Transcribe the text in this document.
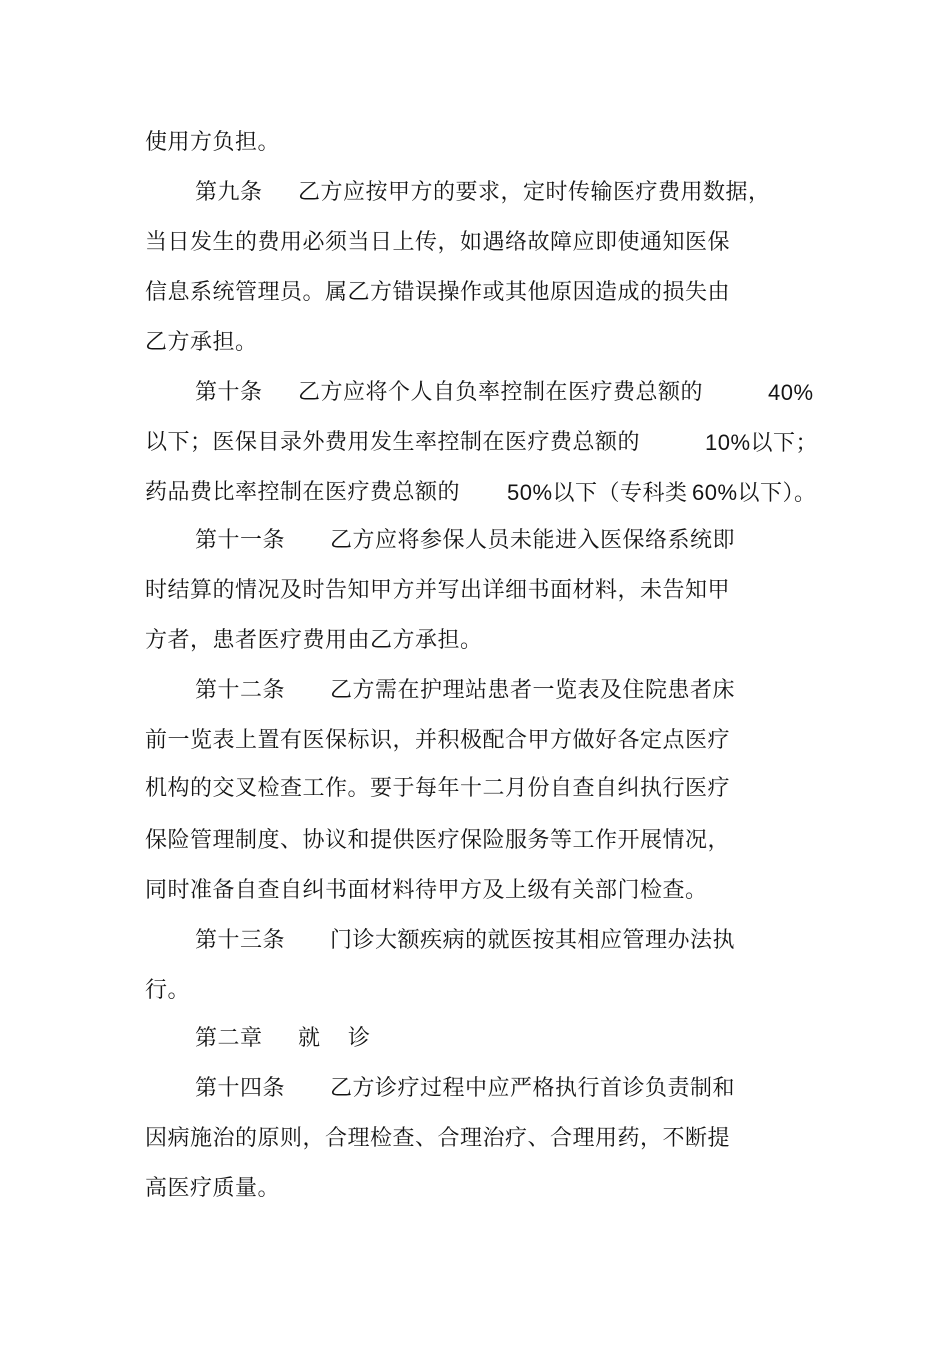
使用方负担。
第九条 乙方应按甲方的要求，定时传输医疗费用数据，
当日发生的费用必须当日上传，如遇络故障应即使通知医保
信息系统管理员。属乙方错误操作或其他原因造成的损失由
乙方承担。
第十条 乙方应将个人自负率控制在医疗费总额的	40%
以下；医保目录外费用发生率控制在医疗费总额的	10%以下；
药品费比率控制在医疗费总额的 50%以下（专科类 60%以下）。
第十一条 乙方应将参保人员未能进入医保络系统即
时结算的情况及时告知甲方并写出详细书面材料，未告知甲
方者，患者医疗费用由乙方承担。
第十二条 乙方需在护理站患者一览表及住院患者床
前一览表上置有医保标识，并积极配合甲方做好各定点医疗
机构的交叉检查工作。要于每年十二月份自查自纠执行医疗
保险管理制度、协议和提供医疗保险服务等工作开展情况，
同时准备自查自纠书面材料待甲方及上级有关部门检查。
第十三条 门诊大额疾病的就医按其相应管理办法执
行。
第二章 就 诊
第十四条 乙方诊疗过程中应严格执行首诊负责制和
因病施治的原则，合理检查、合理治疗、合理用药，不断提
高医疗质量。
